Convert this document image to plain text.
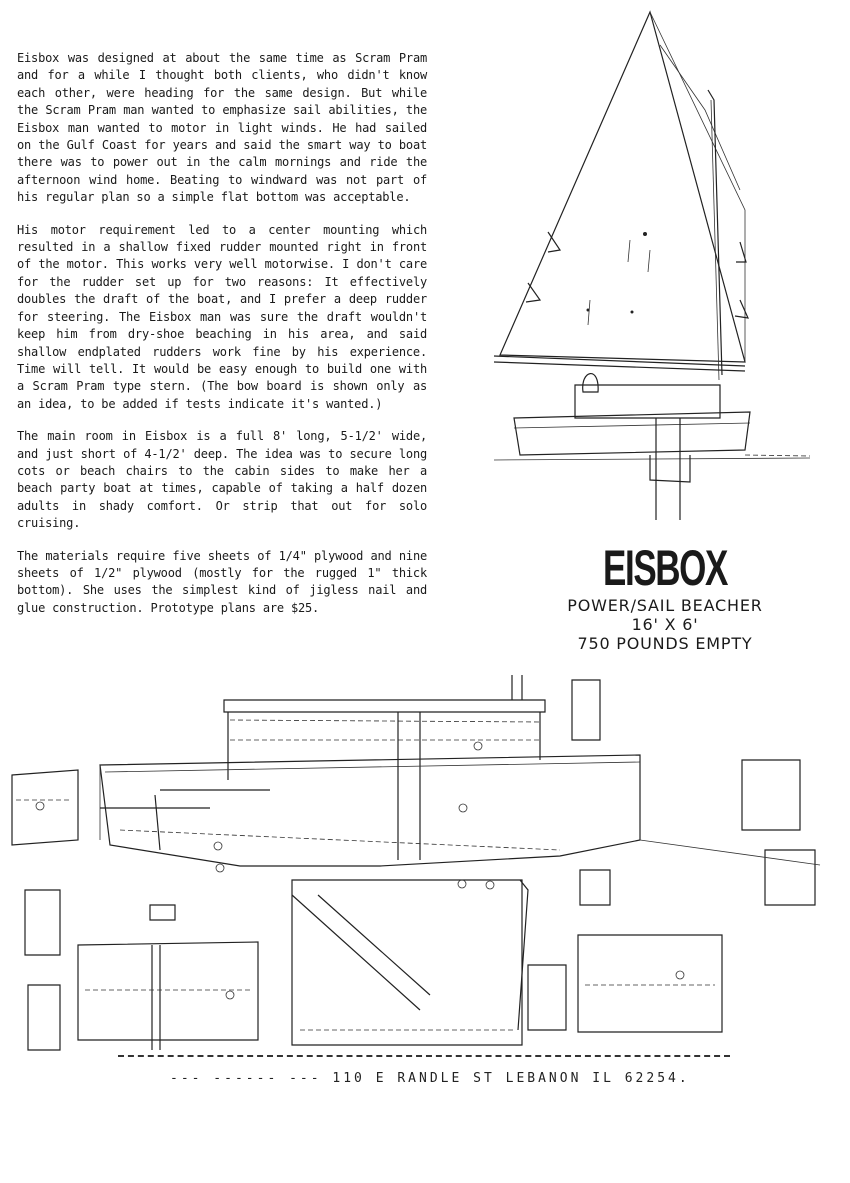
Eisbox was designed at about the same time as Scram Pram and for a while I thought both clients, who didn't know each other, were heading for the same design. But while the Scram Pram man wanted to emphasize sail abilities, the Eisbox man wanted to motor in light winds. He had sailed on the Gulf Coast for years and said the smart way to boat there was to power out in the calm mornings and ride the afternoon wind home. Beating to windward was not part of his regular plan so a simple flat bottom was acceptable.

His motor requirement led to a center mounting which resulted in a shallow fixed rudder mounted right in front of the motor. This works very well motorwise. I don't care for the rudder set up for two reasons: It effectively doubles the draft of the boat, and I prefer a deep rudder for steering. The Eisbox man was sure the draft wouldn't keep him from dry-shoe beaching in his area, and said shallow endplated rudders work fine by his experience. Time will tell. It would be easy enough to build one with a Scram Pram type stern. (The bow board is shown only as an idea, to be added if tests indicate it's wanted.)

The main room in Eisbox is a full 8' long, 5-1/2' wide, and just short of 4-1/2' deep. The idea was to secure long cots or beach chairs to the cabin sides to make her a beach party boat at times, capable of taking a half dozen adults in shady comfort. Or strip that out for solo cruising.

The materials require five sheets of 1/4" plywood and nine sheets of 1/2" plywood (mostly for the rugged 1" thick bottom). She uses the simplest kind of jigless nail and glue construction. Prototype plans are $25.

EISBOX

POWER/SAIL BEACHER

16' X 6'

750 POUNDS EMPTY

--- ------ --- 110 E RANDLE ST LEBANON IL 62254.
